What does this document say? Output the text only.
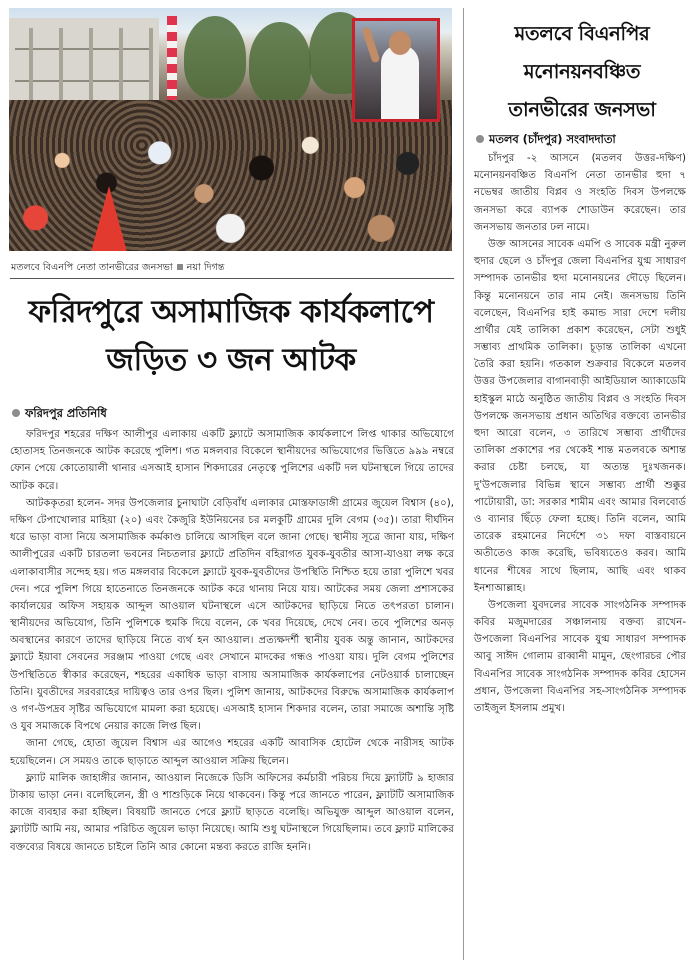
মতলবে বিএনপি নেতা তানভীরের জনসভা নয়া দিগন্ত
ফরিদপুরে অসামাজিক কার্যকলাপে
জড়িত ৩ জন আটক
ফরিদপুর প্রতিনিধি

ফরিদপুর শহরের দক্ষিণ আলীপুর এলাকায় একটি ফ্ল্যাটে অসামাজিক কার্যকলাপে লিপ্ত থাকার অভিযোগে হোতাসহ তিনজনকে আটক করেছে পুলিশ। গত মঙ্গলবার বিকেলে স্থানীয়দের অভিযোগের ভিত্তিতে ৯৯৯ নম্বরে ফোন পেয়ে কোতোয়ালী থানার এসআই হাসান শিকদারের নেতৃত্বে পুলিশের একটি দল ঘটনাস্থলে গিয়ে তাদের আটক করে।

আটককৃতরা হলেন- সদর উপজেলার চুনাঘাটা বেড়িবাঁধ এলাকার মোস্তফাডাঙ্গী গ্রামের জুয়েল বিশ্বাস (৪০), দক্ষিণ টেপাখোলার মাহিয়া (২০) এবং কৈজুরি ইউনিয়নের চর মলকুটি গ্রামের দুলি বেগম (৩৫)। তারা দীর্ঘদিন ধরে ভাড়া বাসা নিয়ে অসামাজিক কর্মকাণ্ড চালিয়ে আসছিল বলে জানা গেছে। স্থানীয় সূত্রে জানা যায়, দক্ষিণ আলীপুরের একটি চারতলা ভবনের নিচতলার ফ্ল্যাটে প্রতিদিন বহিরাগত যুবক-যুবতীর আসা-যাওয়া লক্ষ করে এলাকাবাসীর সন্দেহ হয়। গত মঙ্গলবার বিকেলে ফ্ল্যাটে যুবক-যুবতীদের উপস্থিতি নিশ্চিত হয়ে তারা পুলিশে খবর দেন। পরে পুলিশ গিয়ে হাতেনাতে তিনজনকে আটক করে থানায় নিয়ে যায়। আটকের সময় জেলা প্রশাসকের কার্যালয়ের অফিস সহায়ক আব্দুল আওয়াল ঘটনাস্থলে এসে আটকদের ছাড়িয়ে নিতে তৎপরতা চালান। স্থানীয়দের অভিযোগ, তিনি পুলিশকে হুমকি দিয়ে বলেন, কে খবর দিয়েছে, দেখে নেব। তবে পুলিশের অনড় অবস্থানের কারণে তাদের ছাড়িয়ে নিতে ব্যর্থ হন আওয়াল। প্রত্যক্ষদর্শী স্থানীয় যুবক অন্তু জানান, আটকদের ফ্ল্যাটে ইয়াবা সেবনের সরঞ্জাম পাওয়া গেছে এবং সেখানে মাদকের গন্ধও পাওয়া যায়। দুলি বেগম পুলিশের উপস্থিতিতে স্বীকার করেছেন, শহরের একাধিক ভাড়া বাসায় অসামাজিক কার্যকলাপের নেটওয়ার্ক চালাচ্ছেন তিনি। যুবতীদের সরবরাহের দায়িত্বও তার ওপর ছিল। পুলিশ জানায়, আটকদের বিরুদ্ধে অসামাজিক কার্যকলাপ ও গণ-উপদ্রব সৃষ্টির অভিযোগে মামলা করা হয়েছে। এসআই হাসান শিকদার বলেন, তারা সমাজে অশান্তি সৃষ্টি ও যুব সমাজকে বিপথে নেয়ার কাজে লিপ্ত ছিল।

জানা গেছে, হোতা জুয়েল বিশ্বাস এর আগেও শহরের একটি আবাসিক হোটেল থেকে নারীসহ আটক হয়েছিলেন। সে সময়ও তাকে ছাড়াতে আব্দুল আওয়াল সক্রিয় ছিলেন।

ফ্ল্যাট মালিক জাহাঙ্গীর জানান, আওয়াল নিজেকে ডিসি অফিসের কর্মচারী পরিচয় দিয়ে ফ্ল্যাটটি ৯ হাজার টাকায় ভাড়া নেন। বলেছিলেন, স্ত্রী ও শাশুড়িকে নিয়ে থাকবেন। কিন্তু পরে জানতে পারেন, ফ্ল্যাটটি অসামাজিক কাজে ব্যবহার করা হচ্ছিল। বিষয়টি জানতে পেরে ফ্ল্যাট ছাড়তে বলেছি। অভিযুক্ত আব্দুল আওয়াল বলেন, ফ্ল্যাটটি আমি নয়, আমার পরিচিত জুয়েল ভাড়া নিয়েছে। আমি শুধু ঘটনাস্থলে গিয়েছিলাম। তবে ফ্ল্যাট মালিকের বক্তব্যের বিষয়ে জানতে চাইলে তিনি আর কোনো মন্তব্য করতে রাজি হননি।

মতলবে বিএনপির
মনোনয়নবঞ্চিত
তানভীরের জনসভা
মতলব (চাঁদপুর) সংবাদদাতা

চাঁদপুর -২ আসনে (মতলব উত্তর-দক্ষিণ) মনোনয়নবঞ্চিত বিএনপি নেতা তানভীর হুদা ৭ নভেম্বর জাতীয় বিপ্লব ও সংহতি দিবস উপলক্ষে জনসভা করে ব্যাপক শোডাউন করেছেন। তার জনসভায় জনতার ঢল নামে।

উক্ত আসনের সাবেক এমপি ও সাবেক মন্ত্রী নুরুল হুদার ছেলে ও চাঁদপুর জেলা বিএনপির যুগ্ম সাধারণ সম্পাদক তানভীর হুদা মনোনয়নের দৌড়ে ছিলেন। কিন্তু মনোনয়নে তার নাম নেই। জনসভায় তিনি বলেছেন, বিএনপির হাই কমান্ড সারা দেশে দলীয় প্রার্থীর যেই তালিকা প্রকাশ করেছেন, সেটা শুধুই সম্ভাব্য প্রাথমিক তালিকা। চূড়ান্ত তালিকা এখনো তৈরি করা হয়নি। গতকাল শুক্রবার বিকেলে মতলব উত্তর উপজেলার বাগানবাড়ী আইডিয়াল অ্যাকাডেমি হাইস্কুল মাঠে অনুষ্ঠিত জাতীয় বিপ্লব ও সংহতি দিবস উপলক্ষে জনসভায় প্রধান অতিথির বক্তব্যে তানভীর হুদা আরো বলেন, ৩ তারিখে সম্ভাব্য প্রার্থীদের তালিকা প্রকাশের পর থেকেই শান্ত মতলবকে অশান্ত করার চেষ্টা চলছে, যা অত্যন্ত দুঃখজনক। দু'উপজেলার বিভিন্ন স্থানে সম্ভাব্য প্রার্থী শুক্কুর পাটোয়ারী, ডা: সরকার শামীম এবং আমার বিলবোর্ড ও ব্যানার ছিঁড়ে ফেলা হচ্ছে। তিনি বলেন, আমি তারেক রহমানের নির্দেশে ৩১ দফা বাস্তবায়নে অতীতেও কাজ করেছি, ভবিষ্যতেও করব। আমি ধানের শীষের সাথে ছিলাম, আছি এবং থাকব ইনশাআল্লাহ।

উপজেলা যুবদলের সাবেক সাংগঠনিক সম্পাদক কবির মজুমদারের সঞ্চালনায় বক্তব্য রাখেন- উপজেলা বিএনপির সাবেক যুগ্ম সাধারণ সম্পাদক আবু সাঈদ গোলাম রাব্বানী মামুন, ছেংগারচর পৌর বিএনপির সাবেক সাংগঠনিক সম্পাদক কবির হোসেন প্রধান, উপজেলা বিএনপির সহ-সাংগঠনিক সম্পাদক তাইজুল ইসলাম প্রমুখ।
